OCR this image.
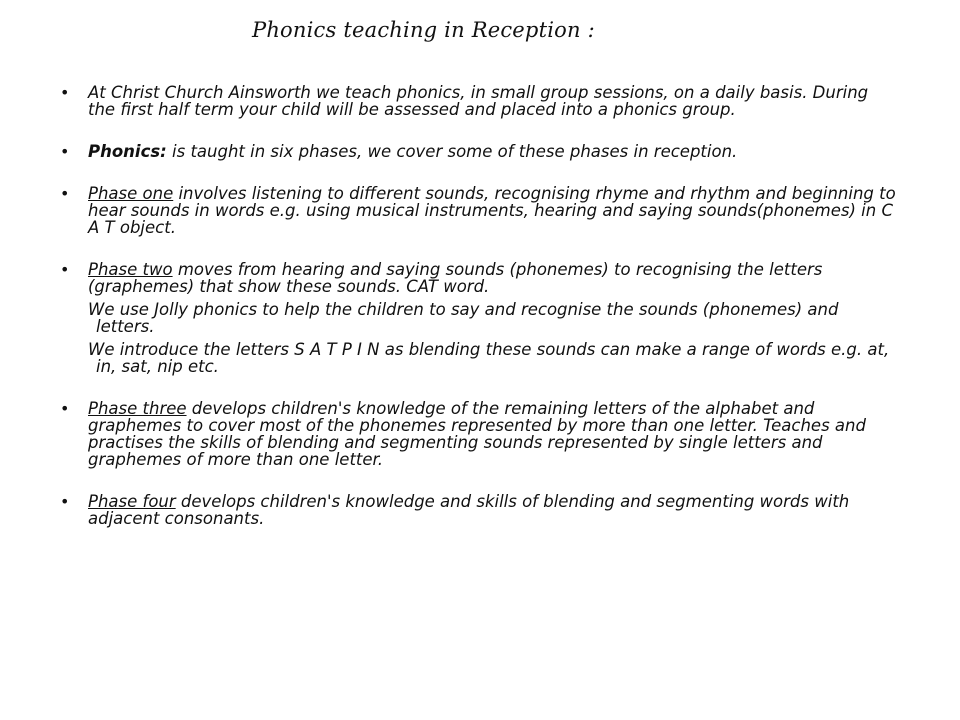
Phonics teaching in Reception :
• At Christ Church Ainsworth we teach phonics, in small group sessions, on a daily basis. During the first half term your child will be assessed and placed into a phonics group.
• Phonics: is taught in six phases, we cover some of these phases in reception.
• Phase one involves listening to different sounds, recognising rhyme and rhythm and beginning to hear sounds in words e.g. using musical instruments, hearing and saying sounds(phonemes) in C A T object.
• Phase two moves from hearing and saying sounds (phonemes) to recognising the letters (graphemes) that show these sounds. CAT word.
We use Jolly phonics to help the children to say and recognise the sounds (phonemes) and letters.
We introduce the letters S A T P I N as blending these sounds can make a range of words e.g. at, in, sat, nip etc.
• Phase three develops children's knowledge of the remaining letters of the alphabet and graphemes to cover most of the phonemes represented by more than one letter. Teaches and practises the skills of blending and segmenting sounds represented by single letters and graphemes of more than one letter.
• Phase four develops children's knowledge and skills of blending and segmenting words with adjacent consonants.
